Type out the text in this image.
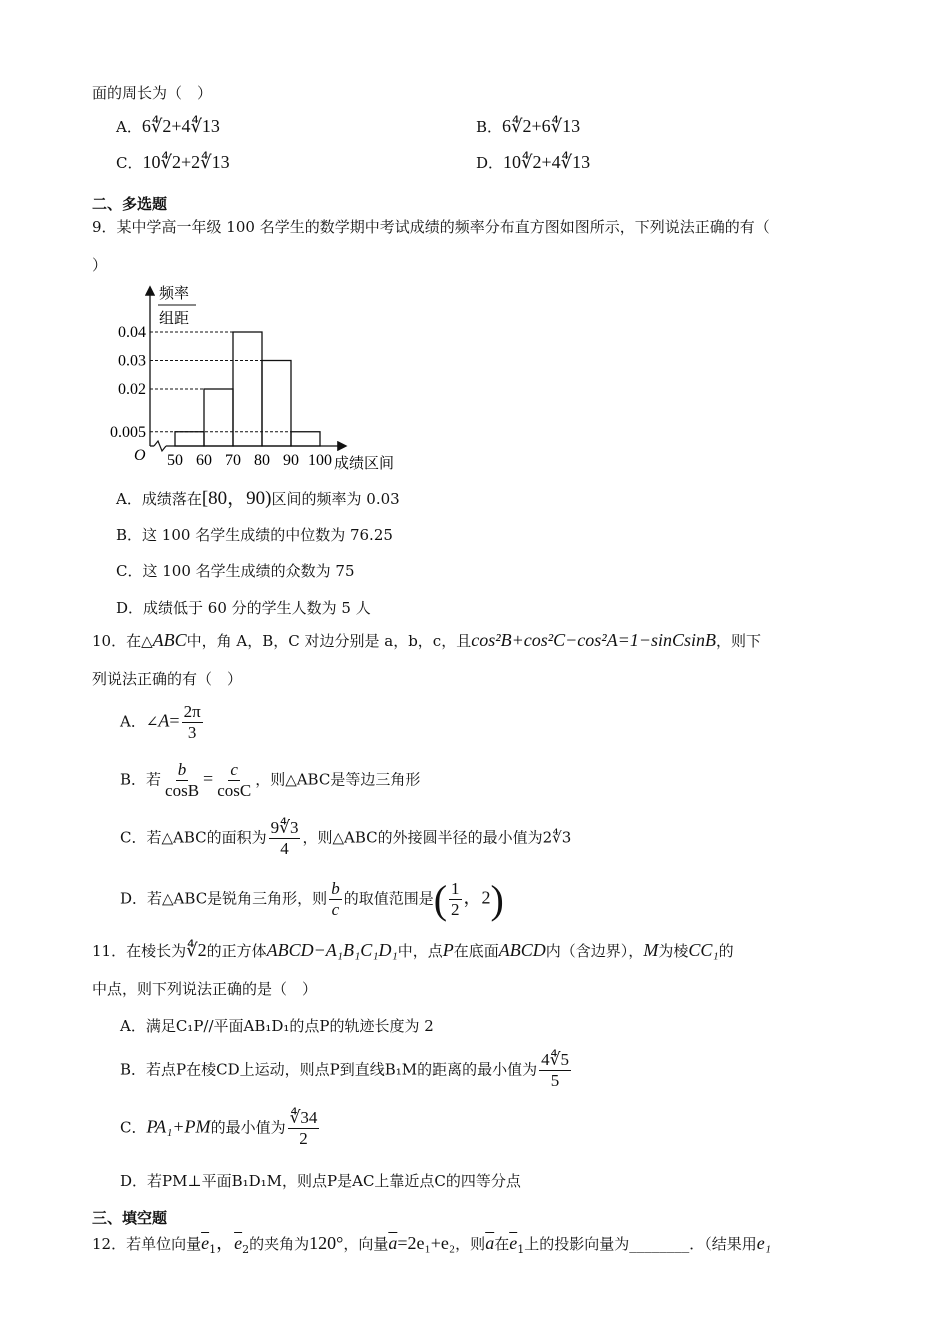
面的周长为（　）
A．6∜2+4∜13	B．6∜2+6∜13
C．10∜2+2∜13	D．10∜2+4∜13
二、多选题
9．某中学高一年级 100 名学生的数学期中考试成绩的频率分布直方图如图所示，下列说法正确的有（
）
0.04
0.03
0.02
0.005
50 60 70 80 90 100
O
频率
组距
成绩区间
A．成绩落在[80，90)区间的频率为 0.03
B．这 100 名学生成绩的中位数为 76.25
C．这 100 名学生成绩的众数为 75
D．成绩低于 60 分的学生人数为 5 人
10．在△ABC中，角 A，B，C 对边分别是 a，b，c，且cos²B+cos²C−cos²A=1−sinCsinB，则下
列说法正确的有（　）
A．∠A= $\frac{2\pi}{3}$
B．若 $\frac{b}{\cos B} = \frac{c}{\cos C}$ ，则△ABC是等边三角形
C．若△ABC的面积为 $\frac{9∜3}{4}$ ，则△ABC的外接圆半径的最小值为2∜3
D．若△ABC是锐角三角形，则 $\frac{b}{c}$ 的取值范围是( $\frac{1}{2}$ ，2)
11．在棱长为∜2的正方体ABCD−A₁B₁C₁D₁中，点P在底面ABCD内（含边界），M为棱CC₁的
中点，则下列说法正确的是（　）
A．满足C₁P//平面AB₁D₁的点P的轨迹长度为 2
B．若点P在棱CD上运动，则点P到直线B₁M的距离的最小值为 $\frac{4∜5}{5}$
C．PA₁+PM的最小值为 $\frac{∜34}{2}$
D．若PM⊥平面B₁D₁M，则点P是AC上靠近点C的四等分点
三、填空题
12．若单位向量$\overline{e}_1$，$\overline{e}_2$的夹角为120°，向量$\overline{a}=2e_1+e_2$，则$\overline{a}$在$\overline{e}_1$上的投影向量为________．（结果用e₁
